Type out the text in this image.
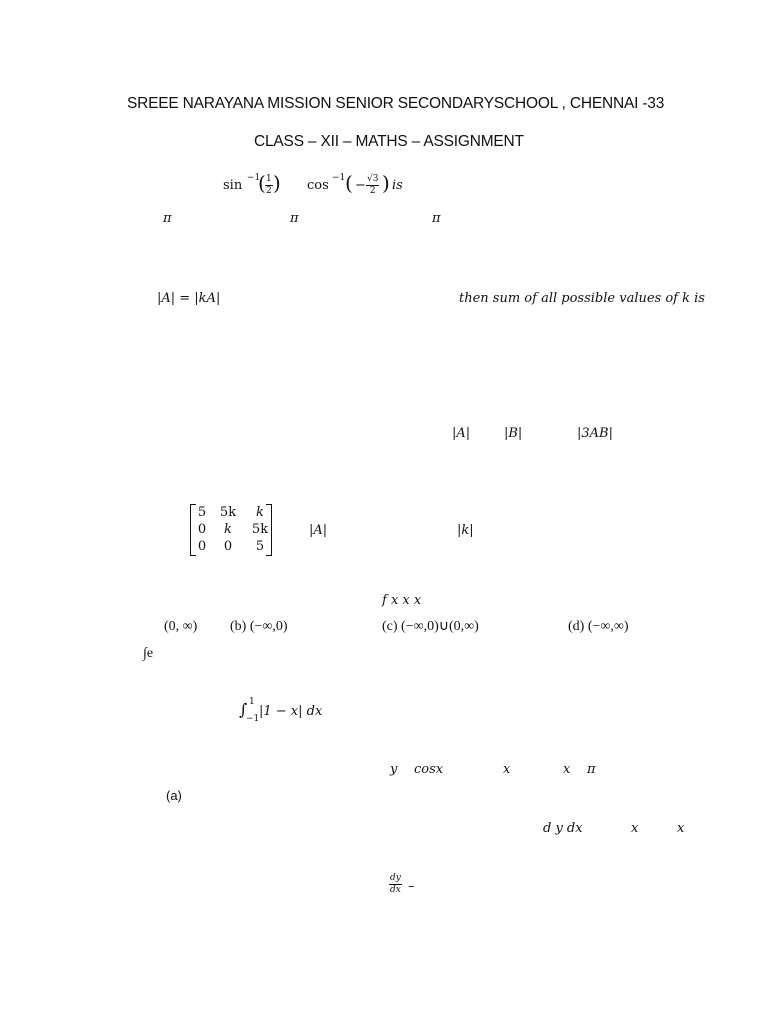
SREEE NARAYANA MISSION SENIOR SECONDARYSCHOOL , CHENNAI -33
CLASS – XII – MATHS – ASSIGNMENT
sin −1
( $\frac{1}{2}$ ) cos −1 ( − $\frac{√3}{2}$ ) is
π	π	π
|A| = |kA|	then sum of all possible values of k is
|A|	|B|	|3AB|
5	5k	k
0	k	5k
0	0	5
|A|	|k|
f x x x
(0, ∞) (b) (−∞,0)	(c) (−∞,0)∪(0,∞)	(d) (−∞,∞)
∫e
∫ 1
−1 |1 − x| dx
y cosx	x	x π
(a)
d y dx	x	x
$\frac{dy}{dx}$ –
